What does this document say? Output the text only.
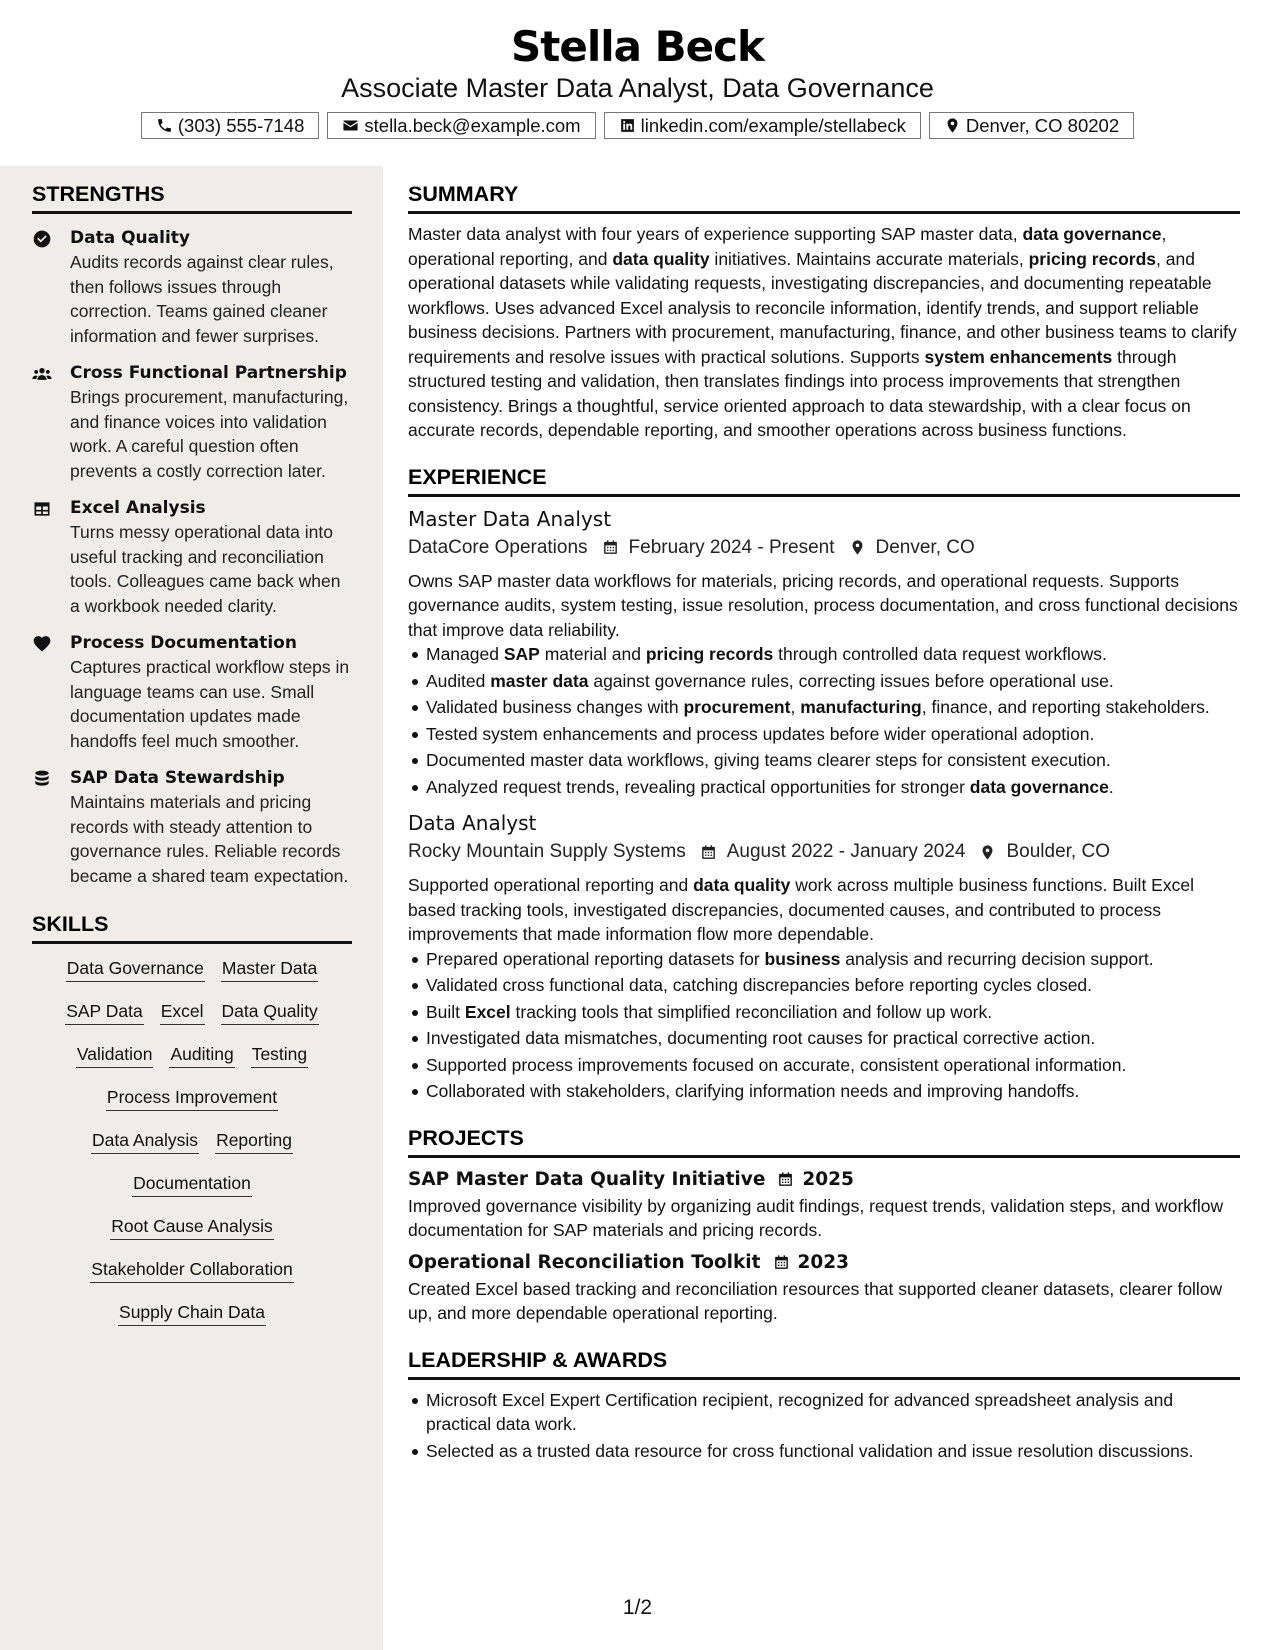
Stella Beck
Associate Master Data Analyst, Data Governance
(303) 555-7148	stella.beck@example.com	linkedin.com/example/stellabeck	Denver, CO 80202
STRENGTHS
Data Quality
Audits records against clear rules, then follows issues through correction. Teams gained cleaner information and fewer surprises.
Cross Functional Partnership
Brings procurement, manufacturing, and finance voices into validation work. A careful question often prevents a costly correction later.
Excel Analysis
Turns messy operational data into useful tracking and reconciliation tools. Colleagues came back when a workbook needed clarity.
Process Documentation
Captures practical workflow steps in language teams can use. Small documentation updates made handoffs feel much smoother.
SAP Data Stewardship
Maintains materials and pricing records with steady attention to governance rules. Reliable records became a shared team expectation.
SKILLS
Data Governance Master Data
SAP Data Excel Data Quality
Validation Auditing Testing
Process Improvement
Data Analysis Reporting
Documentation
Root Cause Analysis
Stakeholder Collaboration
Supply Chain Data
SUMMARY

Master data analyst with four years of experience supporting SAP master data, data governance, operational reporting, and data quality initiatives. Maintains accurate materials, pricing records, and operational datasets while validating requests, investigating discrepancies, and documenting repeatable workflows. Uses advanced Excel analysis to reconcile information, identify trends, and support reliable business decisions. Partners with procurement, manufacturing, finance, and other business teams to clarify requirements and resolve issues with practical solutions. Supports system enhancements through structured testing and validation, then translates findings into process improvements that strengthen consistency. Brings a thoughtful, service oriented approach to data stewardship, with a clear focus on accurate records, dependable reporting, and smoother operations across business functions.

EXPERIENCE
Master Data Analyst
DataCore Operations February 2024 - Present Denver, CO

Owns SAP master data workflows for materials, pricing records, and operational requests. Supports governance audits, system testing, issue resolution, process documentation, and cross functional decisions that improve data reliability.

Managed SAP material and pricing records through controlled data request workflows.
Audited master data against governance rules, correcting issues before operational use.
Validated business changes with procurement, manufacturing, finance, and reporting stakeholders.
Tested system enhancements and process updates before wider operational adoption.
Documented master data workflows, giving teams clearer steps for consistent execution.
Analyzed request trends, revealing practical opportunities for stronger data governance.
Data Analyst
Rocky Mountain Supply Systems August 2022 - January 2024 Boulder, CO

Supported operational reporting and data quality work across multiple business functions. Built Excel based tracking tools, investigated discrepancies, documented causes, and contributed to process improvements that made information flow more dependable.

Prepared operational reporting datasets for business analysis and recurring decision support.
Validated cross functional data, catching discrepancies before reporting cycles closed.
Built Excel tracking tools that simplified reconciliation and follow up work.
Investigated data mismatches, documenting root causes for practical corrective action.
Supported process improvements focused on accurate, consistent operational information.
Collaborated with stakeholders, clarifying information needs and improving handoffs.
PROJECTS
SAP Master Data Quality Initiative 2025

Improved governance visibility by organizing audit findings, request trends, validation steps, and workflow documentation for SAP materials and pricing records.

Operational Reconciliation Toolkit 2023

Created Excel based tracking and reconciliation resources that supported cleaner datasets, clearer follow up, and more dependable operational reporting.

LEADERSHIP & AWARDS
Microsoft Excel Expert Certification recipient, recognized for advanced spreadsheet analysis and practical data work.
Selected as a trusted data resource for cross functional validation and issue resolution discussions.
1/2
